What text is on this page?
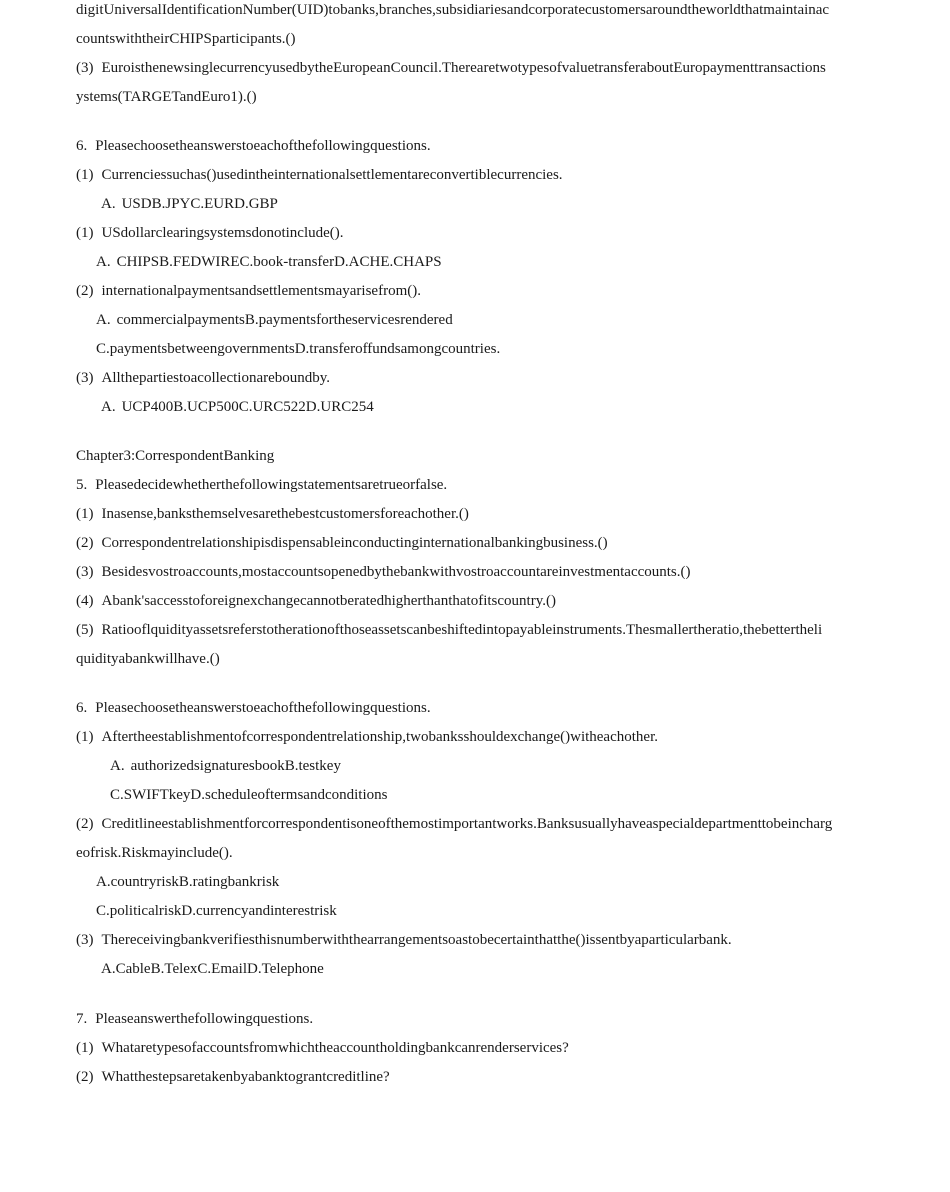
digitUniversalIdentificationNumber(UID)tobanks,branches,subsidiariesandcorporatecustomersaroundtheworldthatmaintainac
countswiththeirCHIPSparticipants.()
(3) EuroisthenewsinglecurrencyusedbytheEuropeanCouncil.TherearetwotypesofvaluetransferaboutEuropaymenttransactions
ystems(TARGETandEuro1).()
6. Pleasechoosetheanswerstoeachofthefollowingquestions.
(1) Currenciessuchas()usedintheinternationalsettlementareconvertiblecurrencies.
A. USDB.JPYC.EURD.GBP
(1) USdollarclearingsystemsdonotinclude().
A. CHIPSB.FEDWIREC.book-transferD.ACHE.CHAPS
(2) internationalpaymentsandsettlementsmayarisefrom().
A. commercialpaymentsB.paymentsfortheservicesrendered
C.paymentsbetweengovernmentsD.transferoffundsamongcountries.
(3) Allthepartiestoacollectionareboundby.
A. UCP400B.UCP500C.URC522D.URC254
Chapter3:CorrespondentBanking
5. Pleasedecidewhetherthefollowingstatementsaretrueorfalse.
(1) Inasense,banksthemselvesarethebestcustomersforeachother.()
(2) Correspondentrelationshipisdispensableinconductinginternationalbankingbusiness.()
(3) Besidesvostroaccounts,mostaccountsopenedbythebankwithvostroaccountareinvestmentaccounts.()
(4) Abank'saccesstoforeignexchangecannotberatedhigherthanthatofitscountry.()
(5) Ratiooflquidityassetsreferstotherationofthoseassetscanbeshiftedintopayableinstruments.Thesmallertheratio,thebettertheli
quidityabankwillhave.()
6. Pleasechoosetheanswerstoeachofthefollowingquestions.
(1) Aftertheestablishmentofcorrespondentrelationship,twobanksshouldexchange()witheachother.
A. authorizedsignaturesbookB.testkey
C.SWIFTkeyD.scheduleoftermsandconditions
(2) Creditlineestablishmentforcorrespondentisoneofthemostimportantworks.Banksusuallyhaveaspecialdepartmenttobeincharg
eofrisk.Riskmayinclude().
A.countryriskB.ratingbankrisk
C.politicalriskD.currencyandinterestrisk
(3) Thereceivingbankverifiesthisnumberwiththearrangementsoastobecertainthatthe()issentbyaparticularbank.
A.CableB.TelexC.EmailD.Telephone
7. Pleaseanswerthefollowingquestions.
(1) Whataretypesofaccountsfromwhichtheaccountholdingbankcanrenderservices?
(2) Whatthestepsaretakenbyabanktograntcreditline?
